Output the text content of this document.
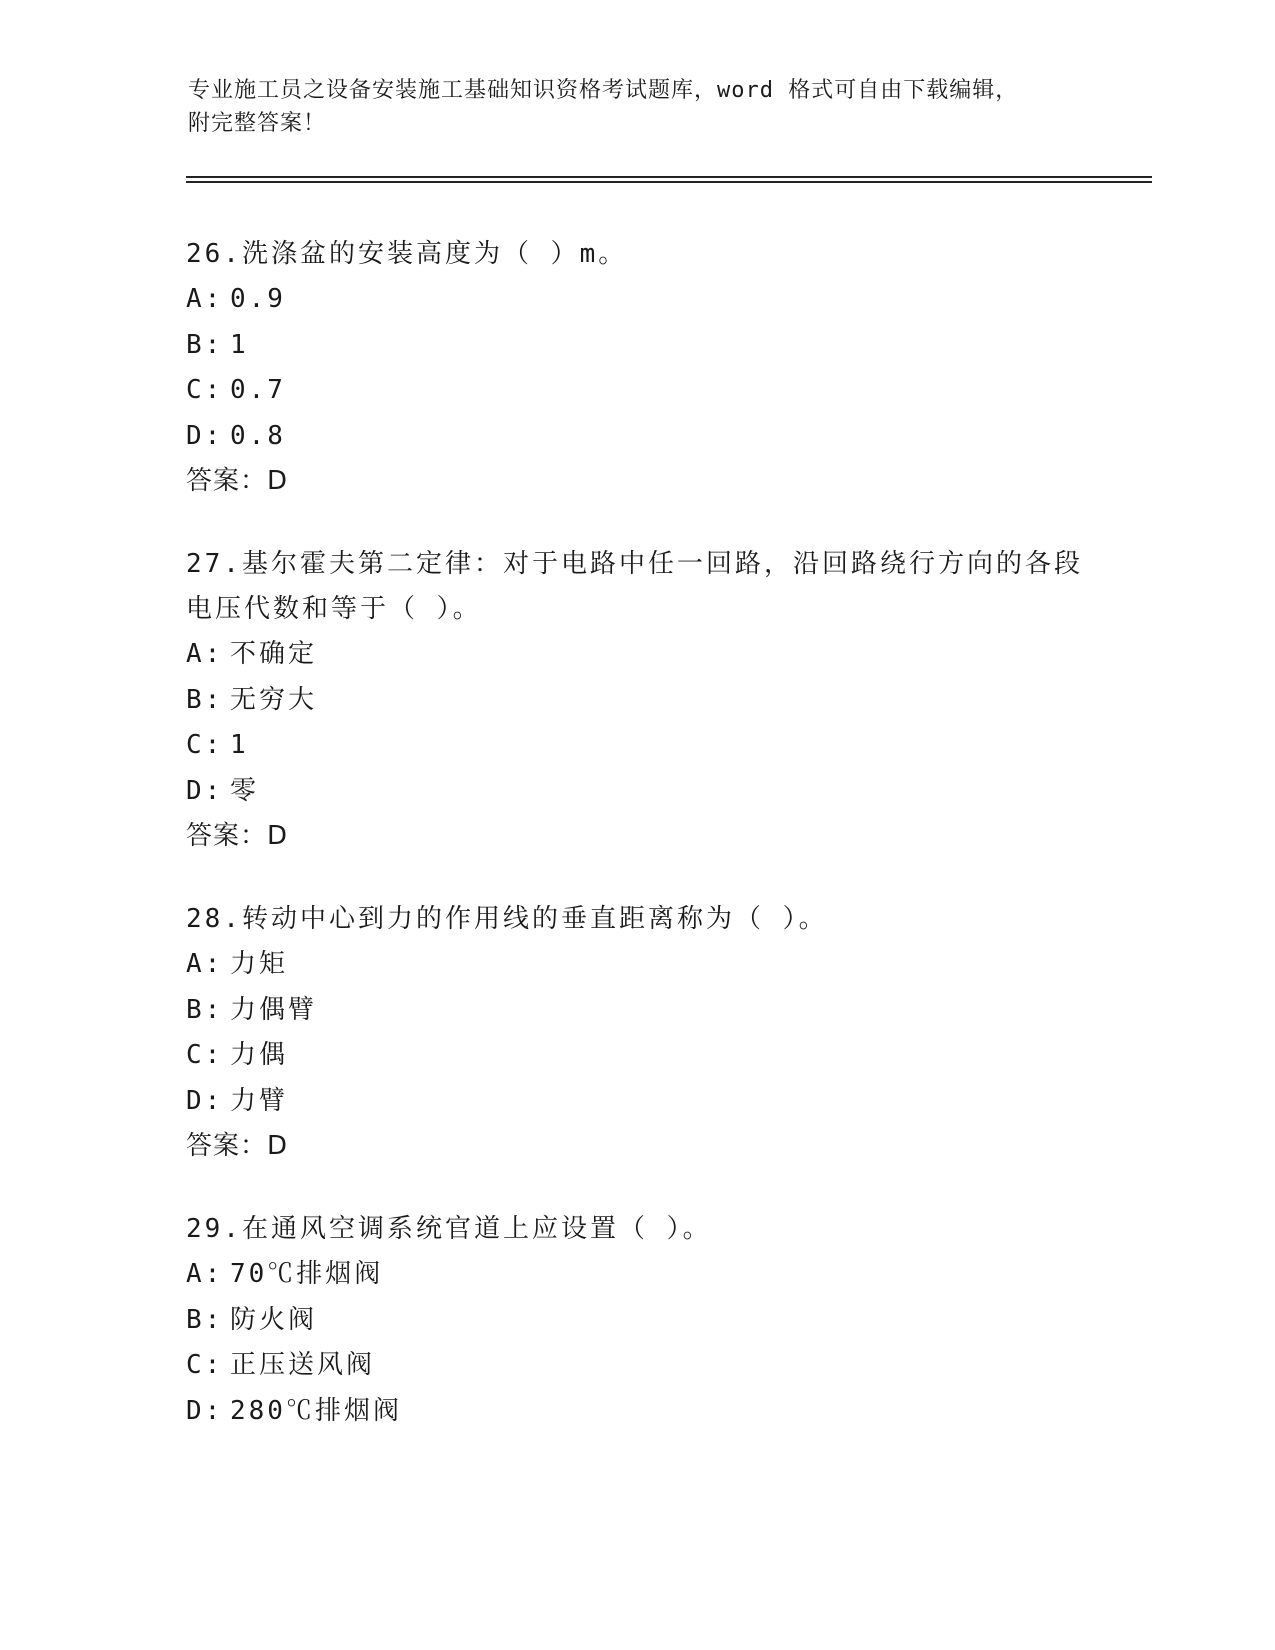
专业施工员之设备安装施工基础知识资格考试题库，word 格式可自由下载编辑，
附完整答案！
26.洗涤盆的安装高度为（ ）m。
A: 0.9
B: 1
C: 0.7
D: 0.8
答案：D
27.基尔霍夫第二定律：对于电路中任一回路，沿回路绕行方向的各段电压代数和等于（ ）。
A: 不确定
B: 无穷大
C: 1
D: 零
答案：D
28.转动中心到力的作用线的垂直距离称为（ ）。
A: 力矩
B: 力偶臂
C: 力偶
D: 力臂
答案：D
29.在通风空调系统官道上应设置（ ）。
A: 70℃排烟阀
B: 防火阀
C: 正压送风阀
D: 280℃排烟阀
